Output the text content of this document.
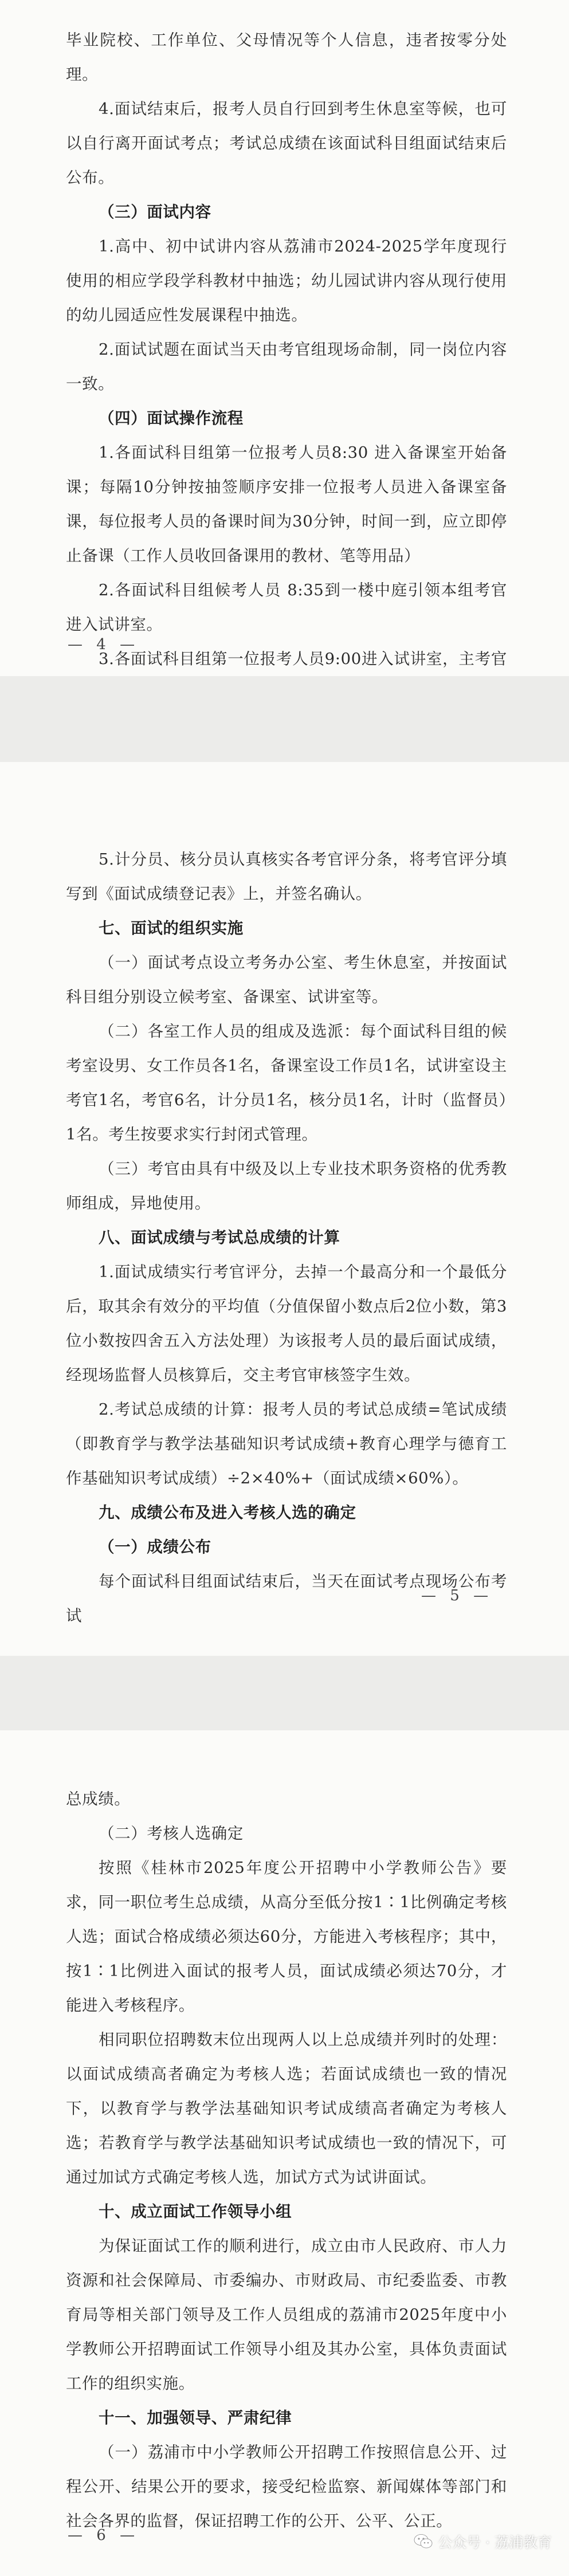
毕业院校、工作单位、父母情况等个人信息，违者按零分处理。

4.面试结束后，报考人员自行回到考生休息室等候，也可以自行离开面试考点；考试总成绩在该面试科目组面试结束后公布。

（三）面试内容

1.高中、初中试讲内容从荔浦市2024-2025学年度现行使用的相应学段学科教材中抽选；幼儿园试讲内容从现行使用的幼儿园适应性发展课程中抽选。

2.面试试题在面试当天由考官组现场命制，同一岗位内容一致。

（四）面试操作流程

1.各面试科目组第一位报考人员8:30 进入备课室开始备课；每隔10分钟按抽签顺序安排一位报考人员进入备课室备课，每位报考人员的备课时间为30分钟，时间一到，应立即停止备课（工作人员收回备课用的教材、笔等用品）

2.各面试科目组候考人员 8:35到一楼中庭引领本组考官进入试讲室。

3.各面试科目组第一位报考人员9:00进入试讲室，主考官

— 4 —

5.计分员、核分员认真核实各考官评分条，将考官评分填写到《面试成绩登记表》上，并签名确认。

七、面试的组织实施

（一）面试考点设立考务办公室、考生休息室，并按面试科目组分别设立候考室、备课室、试讲室等。

（二）各室工作人员的组成及选派：每个面试科目组的候考室设男、女工作员各1名，备课室设工作员1名，试讲室设主考官1名，考官6名，计分员1名，核分员1名，计时（监督员）1名。考生按要求实行封闭式管理。

（三）考官由具有中级及以上专业技术职务资格的优秀教师组成，异地使用。

八、面试成绩与考试总成绩的计算

1.面试成绩实行考官评分，去掉一个最高分和一个最低分后，取其余有效分的平均值（分值保留小数点后2位小数，第3位小数按四舍五入方法处理）为该报考人员的最后面试成绩，经现场监督人员核算后，交主考官审核签字生效。

2.考试总成绩的计算：报考人员的考试总成绩=笔试成绩（即教育学与教学法基础知识考试成绩+教育心理学与德育工作基础知识考试成绩）÷2×40%+（面试成绩×60%）。

九、成绩公布及进入考核人选的确定

（一）成绩公布

每个面试科目组面试结束后，当天在面试考点现场公布考试

— 5 —

总成绩。

（二）考核人选确定

按照《桂林市2025年度公开招聘中小学教师公告》要求，同一职位考生总成绩，从高分至低分按1∶1比例确定考核人选；面试合格成绩必须达60分，方能进入考核程序；其中，按1∶1比例进入面试的报考人员，面试成绩必须达70分，才能进入考核程序。

相同职位招聘数末位出现两人以上总成绩并列时的处理：以面试成绩高者确定为考核人选；若面试成绩也一致的情况下，以教育学与教学法基础知识考试成绩高者确定为考核人选；若教育学与教学法基础知识考试成绩也一致的情况下，可通过加试方式确定考核人选，加试方式为试讲面试。

十、成立面试工作领导小组

为保证面试工作的顺利进行，成立由市人民政府、市人力资源和社会保障局、市委编办、市财政局、市纪委监委、市教育局等相关部门领导及工作人员组成的荔浦市2025年度中小学教师公开招聘面试工作领导小组及其办公室，具体负责面试工作的组织实施。

十一、加强领导、严肃纪律

（一）荔浦市中小学教师公开招聘工作按照信息公开、过程公开、结果公开的要求，接受纪检监察、新闻媒体等部门和社会各界的监督，保证招聘工作的公开、公平、公正。

— 6 —	公众号 · 荔浦教育
